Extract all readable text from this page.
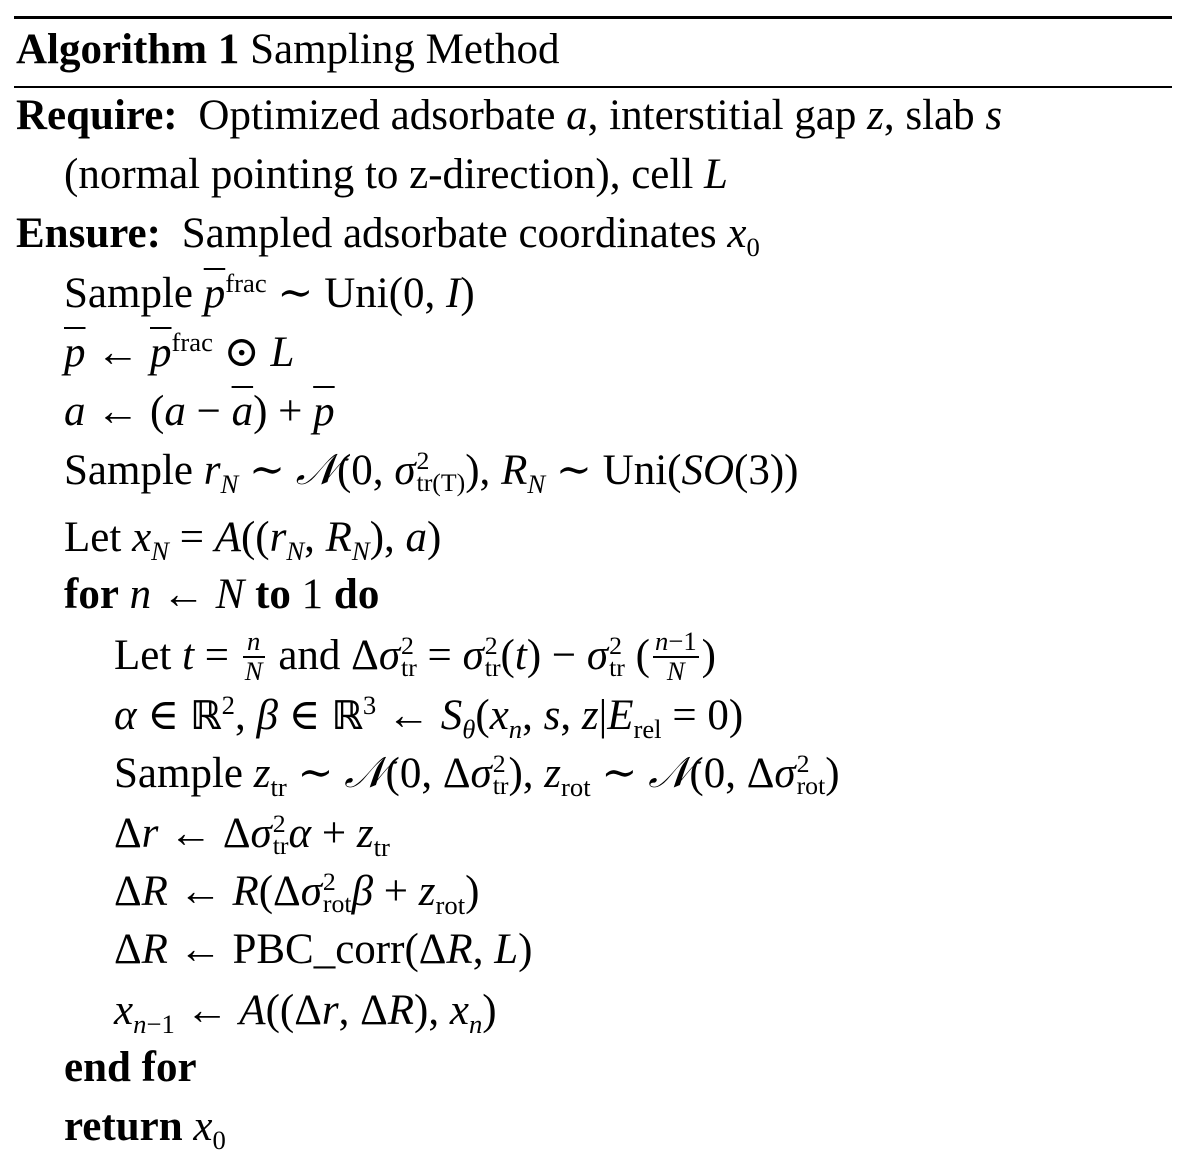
Algorithm 1 Sampling Method
Require: Optimized adsorbate a, interstitial gap z, slab s
(normal pointing to z-direction), cell L
Ensure: Sampled adsorbate coordinates $x_0$
Sample $\overline{p}^{frac}$ ∼ Uni(0, I)
$\overline{p}$ ← $\overline{p}^{frac}$ ⊙ L
a ← $(a - \overline{a}) + \overline{p}$
Sample $r_N$ ∼ 𝒩(0, σ 2
tr(T) ), $R_N$ ∼ Uni(SO(3))
Let $x_N = A((r_N$, $R_N$), a)
for n ← N to 1 do
Let $t = \frac{n}{N}$ and Δσ 2
tr = σ 2
tr (t) − σ 2
tr ( $\frac{n-1}{N}$ )
α ∈ ℝ$^2$, β ∈ ℝ$^3$ ← $S_\theta(x_n$, s, $z|E_{rel} = 0$)
Sample $z_{tr}$ ∼ 𝒩(0, Δσ 2
tr ), $z_{rot}$ ∼ 𝒩(0, Δσ 2
rot )
Δr ← Δσ 2
tr $\alpha + z_{tr}$
ΔR ← R(Δσ 2
rot $\beta + z_{rot}$)
ΔR ← PBC_corr(ΔR, L)
$x_{n-1}$ ← A((Δr, ΔR), $x_n$)
end for
return $x_0$
